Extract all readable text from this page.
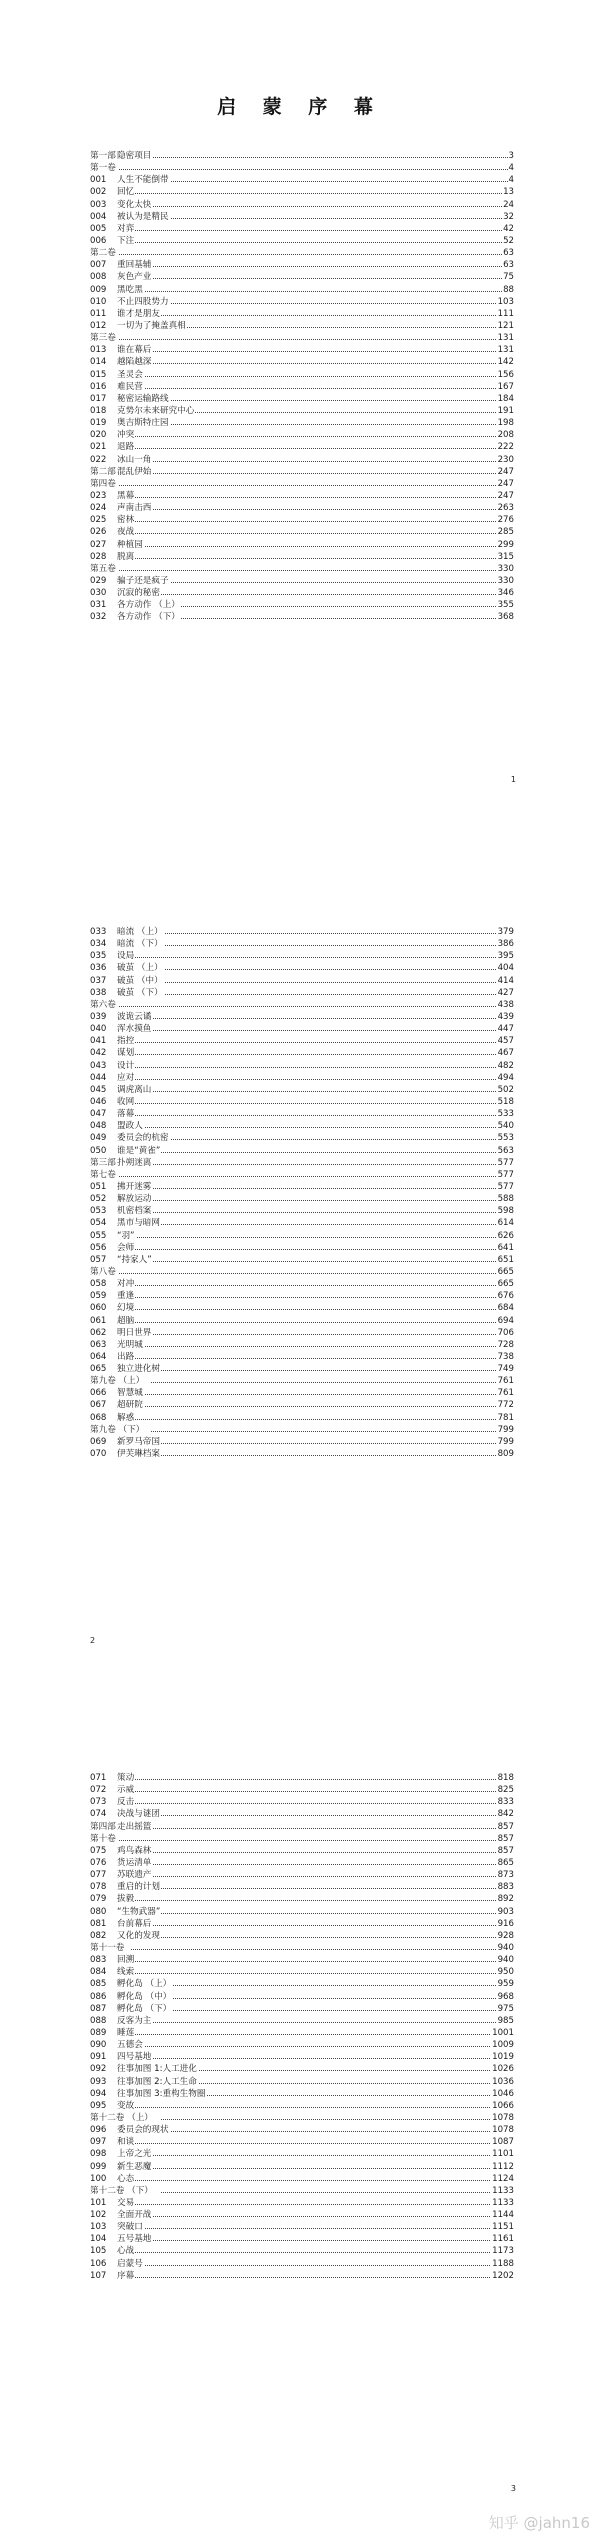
启 蒙 序 幕
第一部隐密项目	3
第一卷	4
001 人生不能倒带	4
002 回忆	13
003 变化太快	24
004 被认为是精民	32
005 对弈	42
006 下注	52
第二卷	63
007 重回基辅	63
008 灰色产业	75
009 黑吃黑	88
010 不止四股势力	103
011 谁才是朋友	111
012 一切为了掩盖真相	121
第三卷	131
013 谁在幕后	131
014 越陷越深	142
015 圣灵会	156
016 难民营	167
017 秘密运输路线	184
018 克势尔未来研究中心	191
019 奥吉斯特庄园	198
020 冲突	208
021 退路	222
022 冰山一角	230
第二部混乱伊始	247
第四卷	247
023 黑幕	247
024 声南击西	263
025 密林	276
026 夜战	285
027 种植园	299
028 脱离	315
第五卷	330
029 骗子还是疯子	330
030 沉寂的秘密	346
031 各方动作 （上）	355
032 各方动作 （下）	368
1
033 暗流 （上）	379
034 暗流 （下）	386
035 设局	395
036 破茧 （上）	404
037 破茧 （中）	414
038 破茧 （下）	427
第六卷	438
039 波诡云谲	439
040 浑水摸鱼	447
041 指控	457
042 谋划	467
043 设计	482
044 应对	494
045 调虎离山	502
046 收网	518
047 落幕	533
048 盟政人	540
049 委员会的杭密	553
050 谁是“黄雀”	563
第三部扑朔迷离	577
第七卷	577
051 拂开迷雾	577
052 解放运动	588
053 机密档案	598
054 黑市与暗网	614
055 “羽”	626
056 会师	641
057 “持家人”	651
第八卷	665
058 对冲	665
059 重逢	676
060 幻境	684
061 超脑	694
062 明日世界	706
063 光明城	728
064 出路	738
065 独立进化树	749
第九卷 （上）	761
066 智慧城	761
067 超研院	772
068 解惑	781
第九卷 （下）	799
069 新罗马帝国	799
070 伊芙琳档案	809
2
071 策动	818
072 示威	825
073 反击	833
074 决战与谜团	842
第四部走出摇篮	857
第十卷	857
075 鸡鸟森林	857
076 货运清单	865
077 苏联遗产	873
078 重启的计划	883
079 拔毅	892
080 “生物武器”	903
081 台前幕后	916
082 又化的发现	928
第十一卷	940
083 回溯	940
084 线索	950
085 孵化岛 （上）	959
086 孵化岛 （中）	968
087 孵化岛 （下）	975
088 反客为主	985
089 睡莲	1001
090 五德会	1009
091 四号基地	1019
092 往事加图 1:人工进化	1026
093 往事加图 2:人工生命	1036
094 往事加图 3:重构生物圈	1046
095 变故	1066
第十二卷 （上）	1078
096 委员会的现状	1078
097 和谈	1087
098 上帝之光	1101
099 新生恶魔	1112
100 心态	1124
第十二卷 （下）	1133
101 交易	1133
102 全面开战	1144
103 突破口	1151
104 五号基地	1161
105 心战	1173
106 启蒙号	1188
107 序幕	1202
3
知乎 @jahn16
